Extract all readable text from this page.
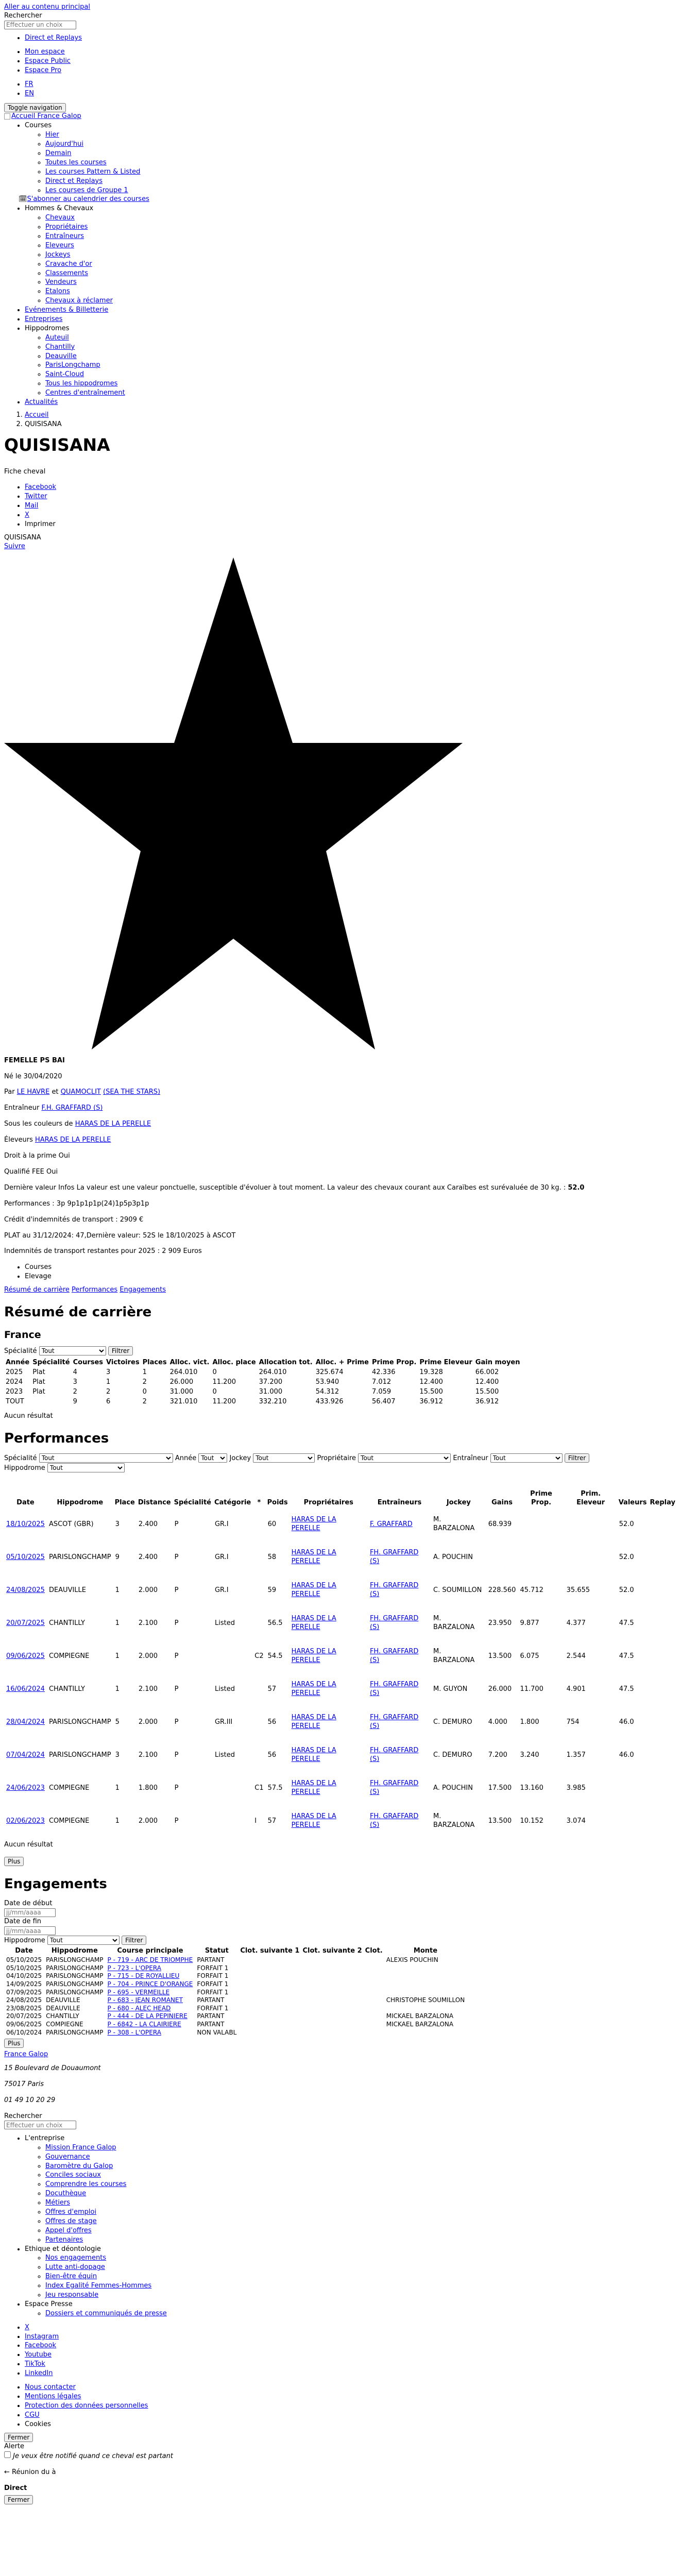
Aller au contenu principal
Rechercher
Effectuer un choix
• Direct et Replays
• Mon espace
• Espace Public
• Espace Pro
• FR
• EN
Toggle navigation
Accueil France Galop
• Courses
◦ Hier
◦ Aujourd'hui
◦ Demain
◦ Toutes les courses
◦ Les courses Pattern & Listed
◦ Direct et Replays
◦ Les courses de Groupe 1
🗓S'abonner au calendrier des courses
• Hommes & Chevaux
◦ Chevaux
◦ Propriétaires
◦ Entraîneurs
◦ Eleveurs
◦ Jockeys
◦ Cravache d'or
◦ Classements
◦ Vendeurs
◦ Etalons
◦ Chevaux à réclamer
• Evénements & Billetterie
• Entreprises
• Hippodromes
◦ Auteuil
◦ Chantilly
◦ Deauville
◦ ParisLongchamp
◦ Saint-Cloud
◦ Tous les hippodromes
◦ Centres d'entraînement
• Actualités
1. Accueil
2. QUISISANA
QUISISANA

Fiche cheval

• Facebook
• Twitter
• Mail
• X
• Imprimer
QUISISANA
Suivre

FEMELLE PS BAI

Né le 30/04/2020

Par LE HAVRE et QUAMOCLIT (SEA THE STARS)

Entraîneur F.H. GRAFFARD (S)

Sous les couleurs de HARAS DE LA PERELLE

Éleveurs HARAS DE LA PERELLE

Droit à la prime Oui

Qualifié FEE Oui

Dernière valeur Infos La valeur est une valeur ponctuelle, susceptible d'évoluer à tout moment. La valeur des chevaux courant aux Caraïbes est surévaluée de 30 kg. : 52.0

Performances : 3p 9p1p1p1p(24)1p5p3p1p

Crédit d'indemnités de transport : 2909 €

PLAT au 31/12/2024: 47,Dernière valeur: 52S le 18/10/2025 à ASCOT

Indemnités de transport restantes pour 2025 : 2 909 Euros

• Courses
• Elevage

Résumé de carrière Performances Engagements

Résumé de carrière
France
Spécialité
Tout	Filtrer
Année	Spécialité	Courses	Victoires	Places	Alloc. vict.	Alloc. place	Allocation tot.	Alloc. + Prime	Prime Prop.	Prime Eleveur	Gain moyen
2025	Plat	4	3	1	264.010	0	264.010	325.674	42.336	19.328	66.002
2024	Plat	3	1	2	26.000	11.200	37.200	53.940	7.012	12.400	12.400
2023	Plat	2	2	0	31.000	0	31.000	54.312	7.059	15.500	15.500
TOUT		9	6	2	321.010	11.200	332.210	433.926	56.407	36.912	36.912

Aucun résultat

Performances
Spécialité
Tout	Année
Tout	Jockey
Tout	Propriétaire
Tout	Entraîneur
Tout	Filtrer
Hippodrome
Tout
Date	Hippodrome	Place	Distance	Spécialité	Catégorie	*	Poids	Propriétaires	Entraîneurs	Jockey	Gains	Prime Prop.	Prim. Eleveur	Valeurs	Replay
18/10/2025	ASCOT (GBR)	3	2.400	P	GR.I		60	HARAS DE LA PERELLE	F. GRAFFARD	M. BARZALONA	68.939			52.0	
05/10/2025	PARISLONGCHAMP	9	2.400	P	GR.I		58	HARAS DE LA PERELLE	FH. GRAFFARD (S)	A. POUCHIN				52.0	
24/08/2025	DEAUVILLE	1	2.000	P	GR.I		59	HARAS DE LA PERELLE	FH. GRAFFARD (S)	C. SOUMILLON	228.560	45.712	35.655	52.0	
20/07/2025	CHANTILLY	1	2.100	P	Listed		56.5	HARAS DE LA PERELLE	FH. GRAFFARD (S)	M. BARZALONA	23.950	9.877	4.377	47.5	
09/06/2025	COMPIEGNE	1	2.000	P		C2	54.5	HARAS DE LA PERELLE	FH. GRAFFARD (S)	M. BARZALONA	13.500	6.075	2.544	47.5	
16/06/2024	CHANTILLY	1	2.100	P	Listed		57	HARAS DE LA PERELLE	FH. GRAFFARD (S)	M. GUYON	26.000	11.700	4.901	47.5	
28/04/2024	PARISLONGCHAMP	5	2.000	P	GR.III		56	HARAS DE LA PERELLE	FH. GRAFFARD (S)	C. DEMURO	4.000	1.800	754	46.0	
07/04/2024	PARISLONGCHAMP	3	2.100	P	Listed		56	HARAS DE LA PERELLE	FH. GRAFFARD (S)	C. DEMURO	7.200	3.240	1.357	46.0	
24/06/2023	COMPIEGNE	1	1.800	P		C1	57.5	HARAS DE LA PERELLE	FH. GRAFFARD (S)	A. POUCHIN	17.500	13.160	3.985		
02/06/2023	COMPIEGNE	1	2.000	P		I	57	HARAS DE LA PERELLE	FH. GRAFFARD (S)	M. BARZALONA	13.500	10.152	3.074		

Aucun résultat

Plus
Engagements
Date de début
jj/mm/aaaa
Date de fin
jj/mm/aaaa
Hippodrome
Tout	Filtrer
Date	Hippodrome	Course principale	Statut	Clot. suivante 1	Clot. suivante 2	Clot.	Monte
05/10/2025	PARISLONGCHAMP	P - 719 - ARC DE TRIOMPHE	PARTANT				ALEXIS POUCHIN
05/10/2025	PARISLONGCHAMP	P - 723 - L'OPERA	FORFAIT 1				
04/10/2025	PARISLONGCHAMP	P - 715 - DE ROYALLIEU	FORFAIT 1				
14/09/2025	PARISLONGCHAMP	P - 704 - PRINCE D'ORANGE	FORFAIT 1				
07/09/2025	PARISLONGCHAMP	P - 695 - VERMEILLE	FORFAIT 1				
24/08/2025	DEAUVILLE	P - 683 - JEAN ROMANET	PARTANT				CHRISTOPHE SOUMILLON
23/08/2025	DEAUVILLE	P - 680 - ALEC HEAD	FORFAIT 1				
20/07/2025	CHANTILLY	P - 444 - DE LA PEPINIERE	PARTANT				MICKAEL BARZALONA
09/06/2025	COMPIEGNE	P - 6842 - LA CLAIRIERE	PARTANT				MICKAEL BARZALONA
06/10/2024	PARISLONGCHAMP	P - 308 - L'OPERA	NON VALABL				
Plus
France Galop

15 Boulevard de Douaumont

75017 Paris

01 49 10 20 29

Rechercher
Effectuer un choix
• L'entreprise
◦ Mission France Galop
◦ Gouvernance
◦ Baromètre du Galop
◦ Conciles sociaux
◦ Comprendre les courses
◦ Docuthèque
◦ Métiers
◦ Offres d'emploi
◦ Offres de stage
◦ Appel d'offres
◦ Partenaires
• Ethique et déontologie
◦ Nos engagements
◦ Lutte anti-dopage
◦ Bien-être équin
◦ Index Egalité Femmes-Hommes
◦ Jeu responsable
• Espace Presse
◦ Dossiers et communiqués de presse
• X
• Instagram
• Facebook
• Youtube
• TikTok
• LinkedIn
• Nous contacter
• Mentions légales
• Protection des données personnelles
• CGU
• Cookies
Fermer
Alerte
Je veux être notifié quand ce cheval est partant

← Réunion du à

Direct
Fermer
